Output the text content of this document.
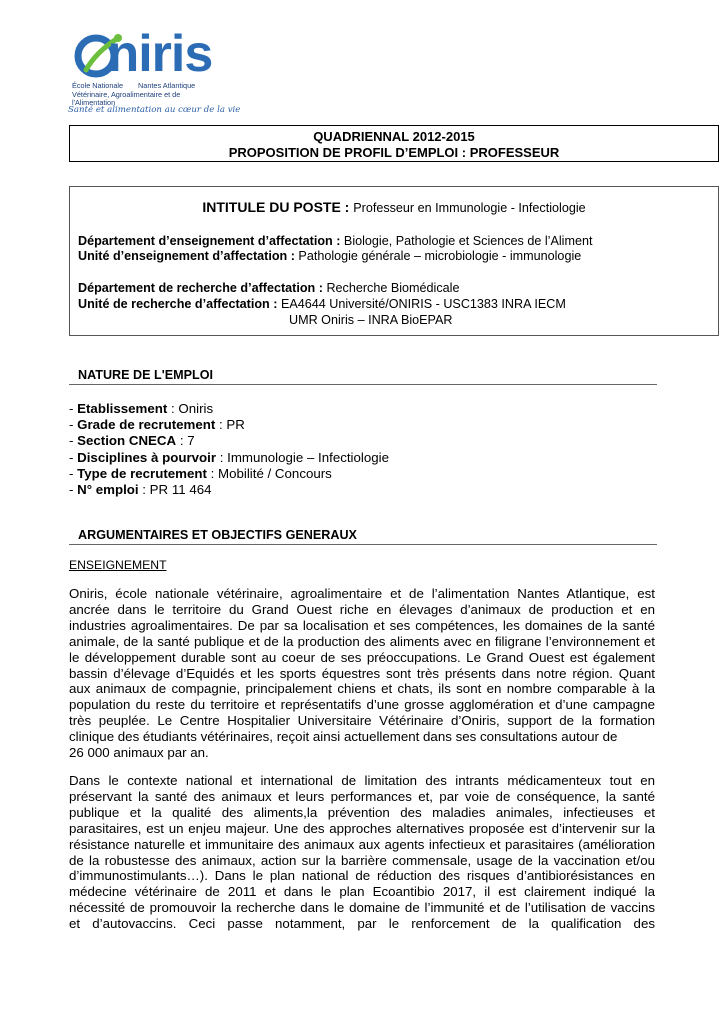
niris
École Nationale
Vétérinaire, Agroalimentaire et de l'Alimentation
Nantes Atlantique
Santé et alimentation au cœur de la vie
QUADRIENNAL 2012-2015
PROPOSITION DE PROFIL D’EMPLOI : PROFESSEUR
INTITULE DU POSTE : Professeur en Immunologie - Infectiologie
Département d’enseignement d’affectation : Biologie, Pathologie et Sciences de l’Aliment
Unité d’enseignement d’affectation : Pathologie générale – microbiologie - immunologie
Département de recherche d’affectation : Recherche Biomédicale
Unité de recherche d’affectation : EA4644 Université/ONIRIS - USC1383 INRA IECM
UMR Oniris – INRA BioEPAR
NATURE DE L'EMPLOI
- Etablissement : Oniris
- Grade de recrutement : PR
- Section CNECA : 7
- Disciplines à pourvoir : Immunologie – Infectiologie
- Type de recrutement : Mobilité / Concours
- N° emploi : PR 11 464
ARGUMENTAIRES ET OBJECTIFS GENERAUX
ENSEIGNEMENT
Oniris, école nationale vétérinaire, agroalimentaire et de l’alimentation Nantes Atlantique, est
ancrée dans le territoire du Grand Ouest riche en élevages d’animaux de production et en
industries agroalimentaires. De par sa localisation et ses compétences, les domaines de la santé
animale, de la santé publique et de la production des aliments avec en filigrane l’environnement et
le développement durable sont au coeur de ses préoccupations. Le Grand Ouest est également
bassin d’élevage d’Equidés et les sports équestres sont très présents dans notre région. Quant
aux animaux de compagnie, principalement chiens et chats, ils sont en nombre comparable à la
population du reste du territoire et représentatifs d’une grosse agglomération et d’une campagne
très peuplée. Le Centre Hospitalier Universitaire Vétérinaire d’Oniris, support de la formation
clinique des étudiants vétérinaires, reçoit ainsi actuellement dans ses consultations autour de
26 000 animaux par an.
Dans le contexte national et international de limitation des intrants médicamenteux tout en
préservant la santé des animaux et leurs performances et, par voie de conséquence, la santé
publique et la qualité des aliments,la prévention des maladies animales, infectieuses et
parasitaires, est un enjeu majeur. Une des approches alternatives proposée est d’intervenir sur la
résistance naturelle et immunitaire des animaux aux agents infectieux et parasitaires (amélioration
de la robustesse des animaux, action sur la barrière commensale, usage de la vaccination et/ou
d’immunostimulants…). Dans le plan national de réduction des risques d’antibiorésistances en
médecine vétérinaire de 2011 et dans le plan Ecoantibio 2017, il est clairement indiqué la
nécessité de promouvoir la recherche dans le domaine de l’immunité et de l’utilisation de vaccins
et d’autovaccins. Ceci passe notamment, par le renforcement de la qualification des
